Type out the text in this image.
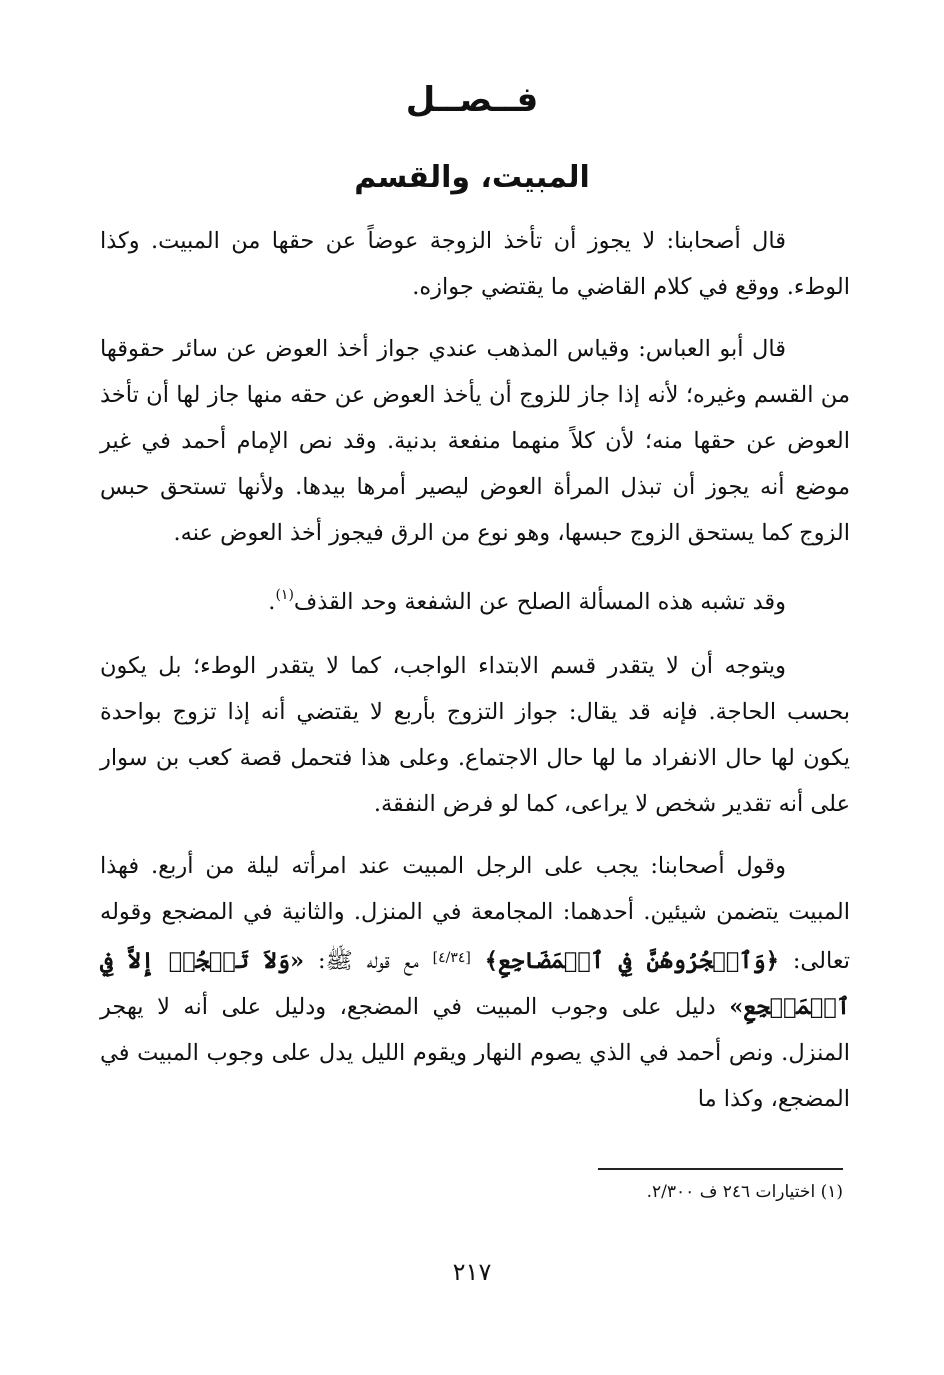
فــصــل
المبيت، والقسم

قال أصحابنا: لا يجوز أن تأخذ الزوجة عوضاً عن حقها من المبيت. وكذا الوطء. ووقع في كلام القاضي ما يقتضي جوازه.

قال أبو العباس: وقياس المذهب عندي جواز أخذ العوض عن سائر حقوقها من القسم وغيره؛ لأنه إذا جاز للزوج أن يأخذ العوض عن حقه منها جاز لها أن تأخذ العوض عن حقها منه؛ لأن كلاً منهما منفعة بدنية. وقد نص الإمام أحمد في غير موضع أنه يجوز أن تبذل المرأة العوض ليصير أمرها بيدها. ولأنها تستحق حبس الزوج كما يستحق الزوج حبسها، وهو نوع من الرق فيجوز أخذ العوض عنه.

وقد تشبه هذه المسألة الصلح عن الشفعة وحد القذف$^{(١)}$.

ويتوجه أن لا يتقدر قسم الابتداء الواجب، كما لا يتقدر الوطء؛ بل يكون بحسب الحاجة. فإنه قد يقال: جواز التزوج بأربع لا يقتضي أنه إذا تزوج بواحدة يكون لها حال الانفراد ما لها حال الاجتماع. وعلى هذا فتحمل قصة كعب بن سوار على أنه تقدير شخص لا يراعى، كما لو فرض النفقة.

وقول أصحابنا: يجب على الرجل المبيت عند امرأته ليلة من أربع. فهذا المبيت يتضمن شيئين. أحدهما: المجامعة في المنزل. والثانية في المضجع وقوله تعالى: ﴿وَٱهۡجُرُوهُنَّ فِي ٱلۡمَضَاجِعِ﴾ [٤/٣٤] مع قوله ﷺ: «وَلاَ تَهۡجُرۡ إِلاَّ فِي ٱلۡمَضۡجِعِ» دليل على وجوب المبيت في المضجع، ودليل على أنه لا يهجر المنزل. ونص أحمد في الذي يصوم النهار ويقوم الليل يدل على وجوب المبيت في المضجع، وكذا ما

(١) اختيارات ٢٤٦ ف ٢/٣٠٠.
٢١٧
